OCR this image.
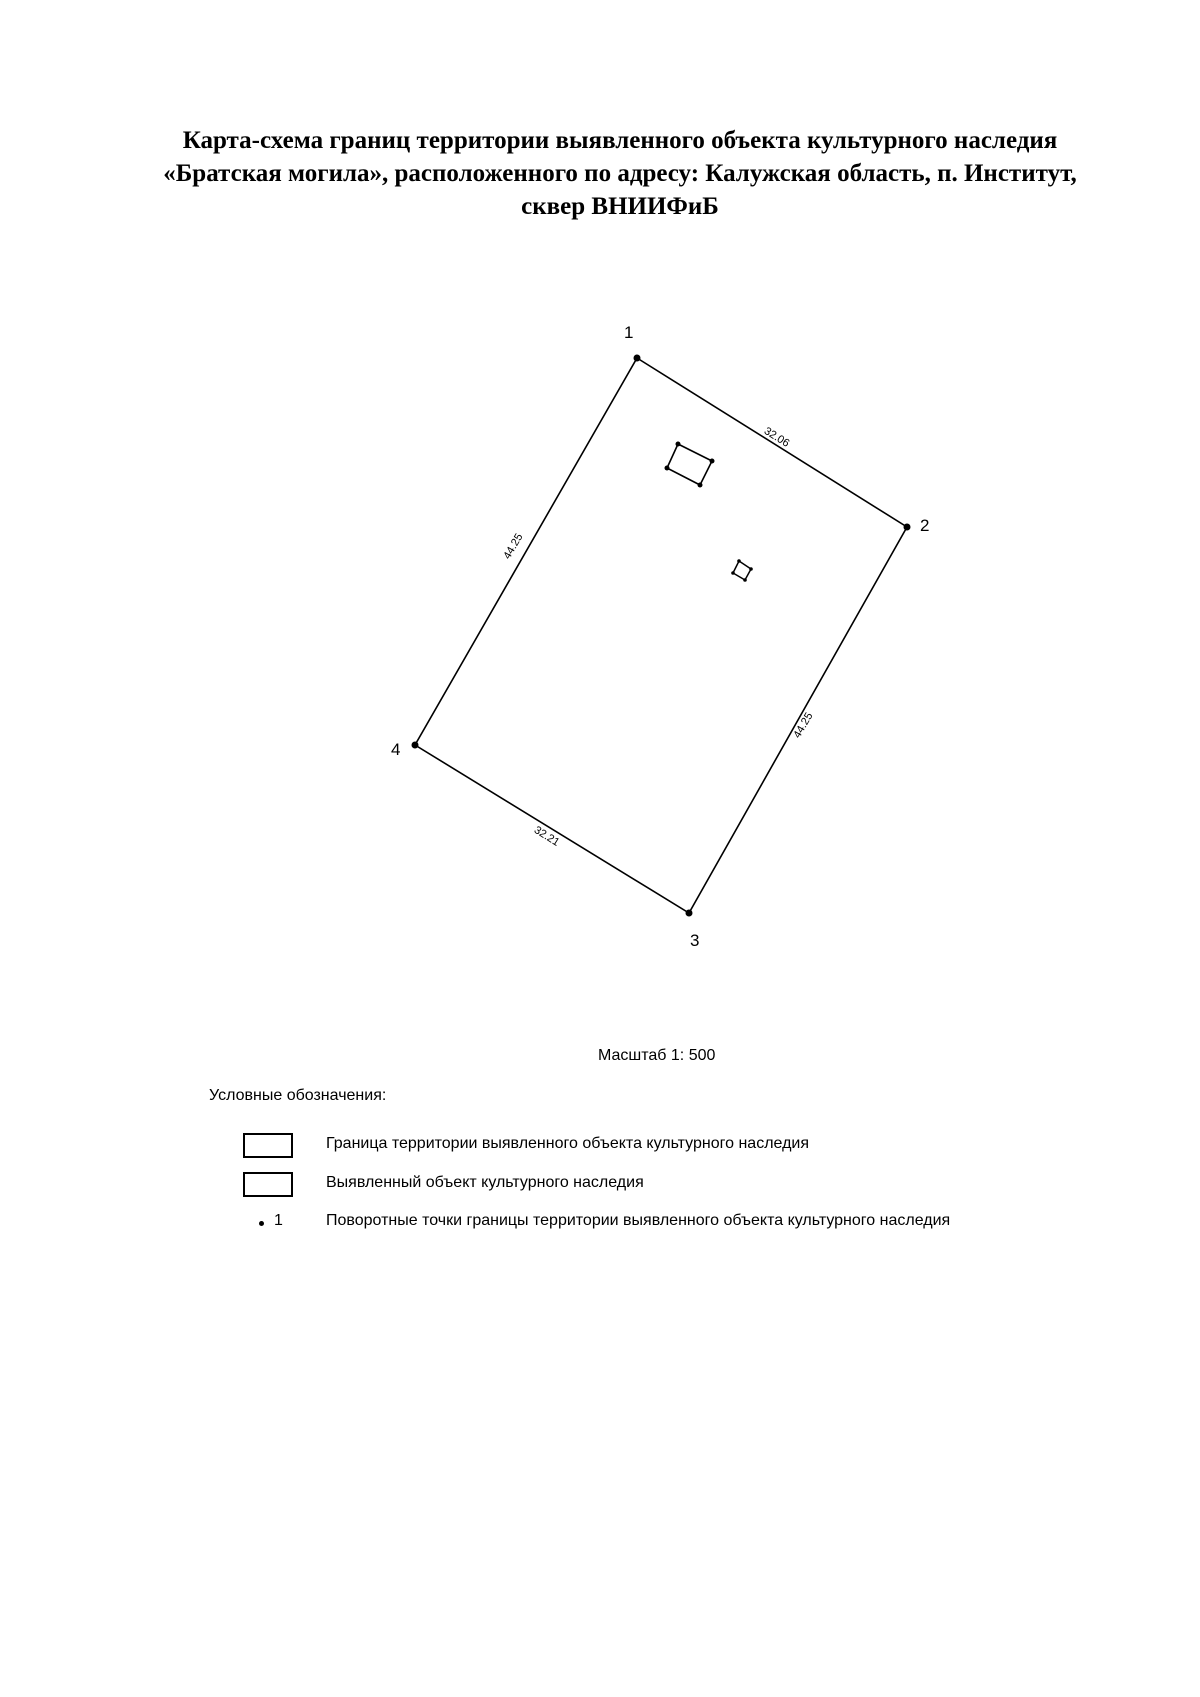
Карта-схема границ территории выявленного объекта культурного наследия
«Братская могила», расположенного по адресу: Калужская область, п. Институт,
сквер ВНИИФиБ
1
2
3
4
32.06
44.25
32.21
44.25
Масштаб 1: 500
Условные обозначения:
Граница территории выявленного объекта культурного наследия
Выявленный объект культурного наследия
1	Поворотные точки границы территории выявленного объекта культурного наследия
